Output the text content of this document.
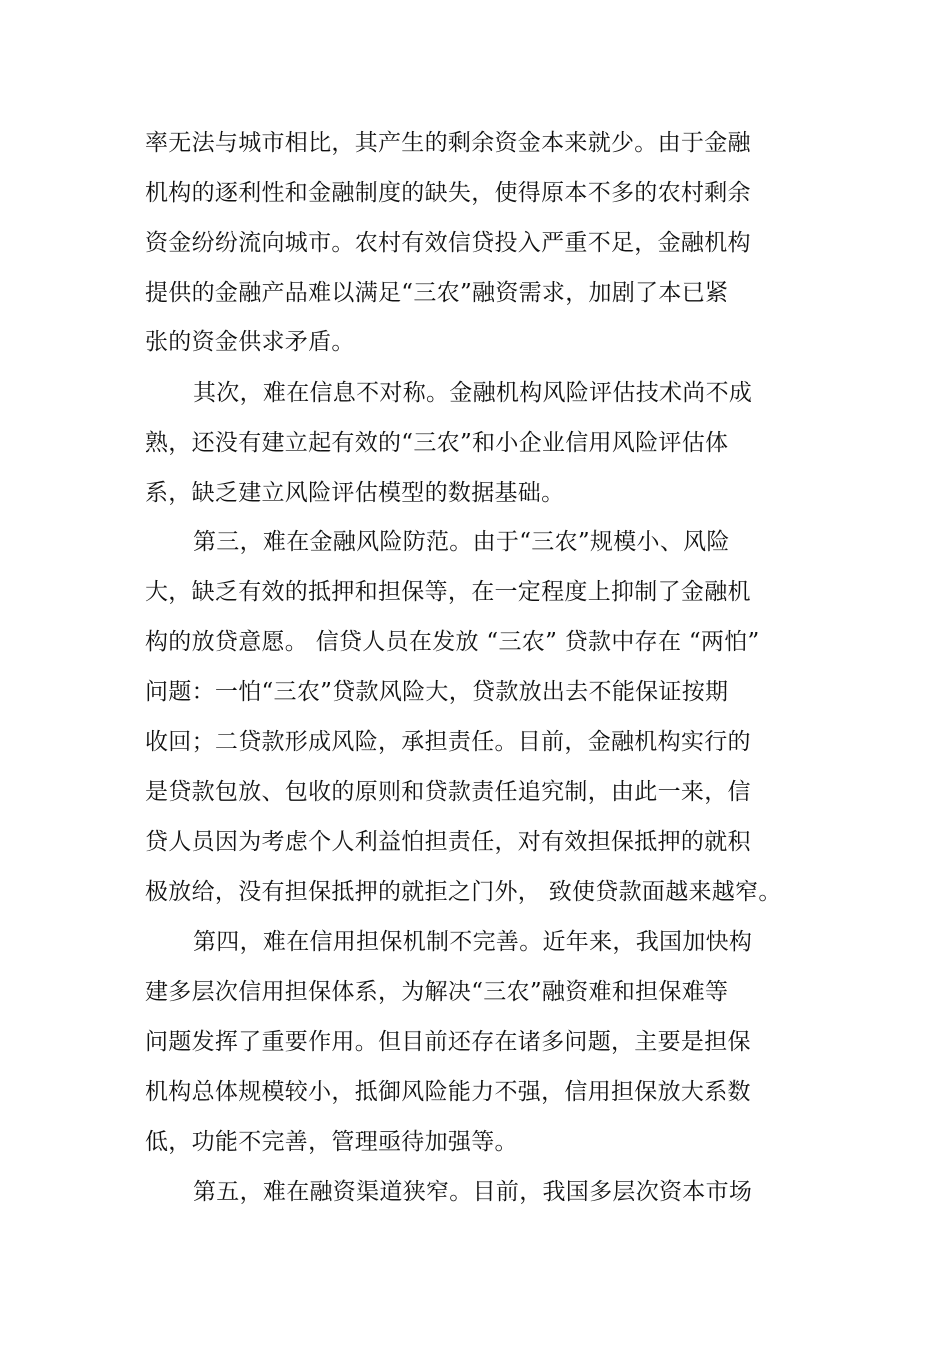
率无法与城市相比，其产生的剩余资金本来就少。由于金融
机构的逐利性和金融制度的缺失，使得原本不多的农村剩余
资金纷纷流向城市。农村有效信贷投入严重不足，金融机构
提供的金融产品难以满足“三农”融资需求，加剧了本已紧
张的资金供求矛盾。
其次，难在信息不对称。金融机构风险评估技术尚不成
熟，还没有建立起有效的“三农”和小企业信用风险评估体
系，缺乏建立风险评估模型的数据基础。
第三，难在金融风险防范。由于“三农”规模小、风险
大，缺乏有效的抵押和担保等，在一定程度上抑制了金融机
构的放贷意愿。 信贷人员在发放 “三农” 贷款中存在 “两怕”
问题：一怕“三农”贷款风险大，贷款放出去不能保证按期
收回；二贷款形成风险，承担责任。目前，金融机构实行的
是贷款包放、包收的原则和贷款责任追究制，由此一来，信
贷人员因为考虑个人利益怕担责任，对有效担保抵押的就积
极放给，没有担保抵押的就拒之门外， 致使贷款面越来越窄。
第四，难在信用担保机制不完善。近年来，我国加快构
建多层次信用担保体系，为解决“三农”融资难和担保难等
问题发挥了重要作用。但目前还存在诸多问题，主要是担保
机构总体规模较小，抵御风险能力不强，信用担保放大系数
低，功能不完善，管理亟待加强等。
第五，难在融资渠道狭窄。目前，我国多层次资本市场
